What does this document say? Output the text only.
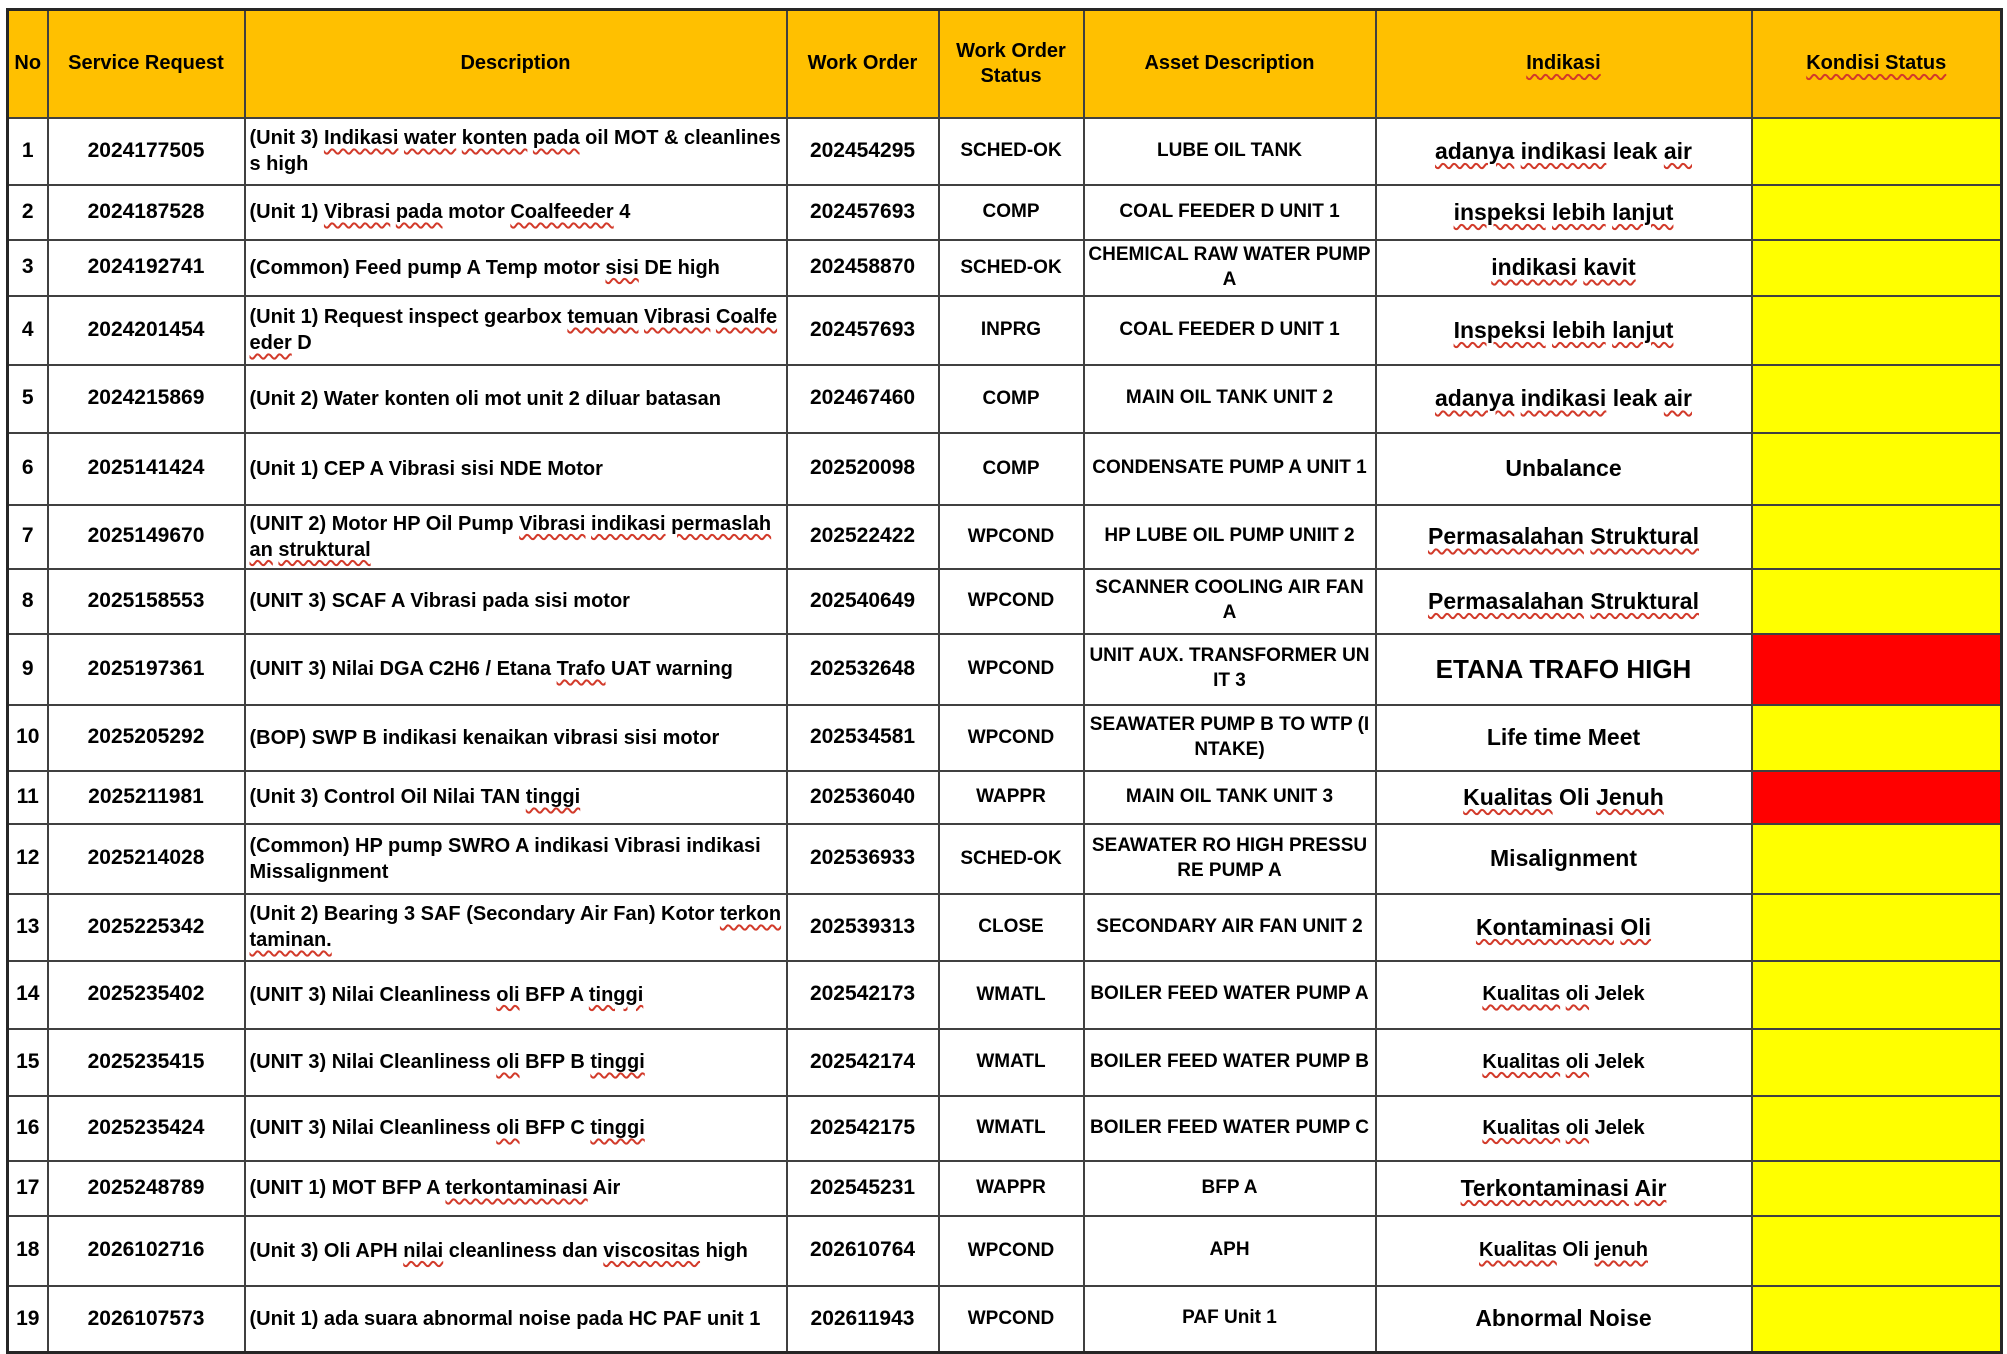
No	Service Request	Description	Work Order	Work Order Status	Asset Description	Indikasi	Kondisi Status
1	2024177505	(Unit 3) Indikasi water konten pada oil MOT & cleanliness high	202454295	SCHED-OK	LUBE OIL TANK	adanya indikasi leak air	
2	2024187528	(Unit 1) Vibrasi pada motor Coalfeeder 4	202457693	COMP	COAL FEEDER D UNIT 1	inspeksi lebih lanjut	
3	2024192741	(Common) Feed pump A Temp motor sisi DE high	202458870	SCHED-OK	CHEMICAL RAW WATER PUMP A	indikasi kavit	
4	2024201454	(Unit 1) Request inspect gearbox temuan Vibrasi Coalfeeder D	202457693	INPRG	COAL FEEDER D UNIT 1	Inspeksi lebih lanjut	
5	2024215869	(Unit 2) Water konten oli mot unit 2 diluar batasan	202467460	COMP	MAIN OIL TANK UNIT 2	adanya indikasi leak air	
6	2025141424	(Unit 1) CEP A Vibrasi sisi NDE Motor	202520098	COMP	CONDENSATE PUMP A UNIT 1	Unbalance	
7	2025149670	(UNIT 2) Motor HP Oil Pump Vibrasi indikasi permaslahan struktural	202522422	WPCOND	HP LUBE OIL PUMP UNIIT 2	Permasalahan Struktural	
8	2025158553	(UNIT 3) SCAF A Vibrasi pada sisi motor	202540649	WPCOND	SCANNER COOLING AIR FAN A	Permasalahan Struktural	
9	2025197361	(UNIT 3) Nilai DGA C2H6 / Etana Trafo UAT warning	202532648	WPCOND	UNIT AUX. TRANSFORMER UNIT 3	ETANA TRAFO HIGH	
10	2025205292	(BOP) SWP B indikasi kenaikan vibrasi sisi motor	202534581	WPCOND	SEAWATER PUMP B TO WTP (INTAKE)	Life time Meet	
11	2025211981	(Unit 3) Control Oil Nilai TAN tinggi	202536040	WAPPR	MAIN OIL TANK UNIT 3	Kualitas Oli Jenuh	
12	2025214028	(Common) HP pump SWRO A indikasi Vibrasi indikasi Missalignment	202536933	SCHED-OK	SEAWATER RO HIGH PRESSURE PUMP A	Misalignment	
13	2025225342	(Unit 2) Bearing 3 SAF (Secondary Air Fan) Kotor terkontaminan.	202539313	CLOSE	SECONDARY AIR FAN UNIT 2	Kontaminasi Oli	
14	2025235402	(UNIT 3) Nilai Cleanliness oli BFP A tinggi	202542173	WMATL	BOILER FEED WATER PUMP A	Kualitas oli Jelek	
15	2025235415	(UNIT 3) Nilai Cleanliness oli BFP B tinggi	202542174	WMATL	BOILER FEED WATER PUMP B	Kualitas oli Jelek	
16	2025235424	(UNIT 3) Nilai Cleanliness oli BFP C tinggi	202542175	WMATL	BOILER FEED WATER PUMP C	Kualitas oli Jelek	
17	2025248789	(UNIT 1) MOT BFP A terkontaminasi Air	202545231	WAPPR	BFP A	Terkontaminasi Air	
18	2026102716	(Unit 3) Oli APH nilai cleanliness dan viscositas high	202610764	WPCOND	APH	Kualitas Oli jenuh	
19	2026107573	(Unit 1) ada suara abnormal noise pada HC PAF unit 1	202611943	WPCOND	PAF Unit 1	Abnormal Noise	
